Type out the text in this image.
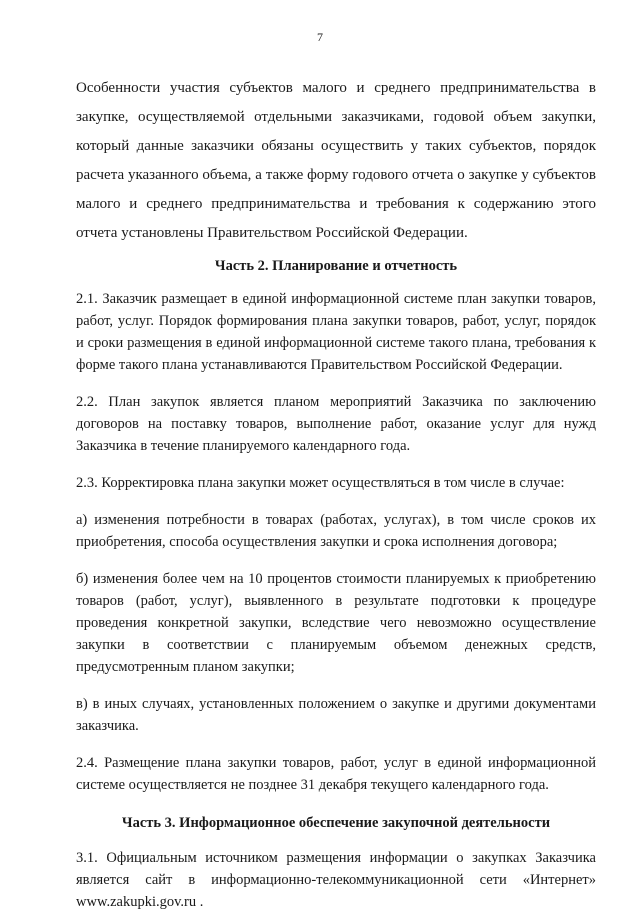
7

Особенности участия субъектов малого и среднего предпринимательства в закупке, осуществляемой отдельными заказчиками, годовой объем закупки, который данные заказчики обязаны осуществить у таких субъектов, порядок расчета указанного объема, а также форму годового отчета о закупке у субъектов малого и среднего предпринимательства и требования к содержанию этого отчета установлены Правительством Российской Федерации.

Часть 2. Планирование и отчетность

2.1. Заказчик размещает в единой информационной системе план закупки товаров, работ, услуг. Порядок формирования плана закупки товаров, работ, услуг, порядок и сроки размещения в единой информационной системе такого плана, требования к форме такого плана устанавливаются Правительством Российской Федерации.

2.2. План закупок является планом мероприятий Заказчика по заключению договоров на поставку товаров, выполнение работ, оказание услуг для нужд Заказчика в течение планируемого календарного года.

2.3. Корректировка плана закупки может осуществляться в том числе в случае:

а) изменения потребности в товарах (работах, услугах), в том числе сроков их приобретения, способа осуществления закупки и срока исполнения договора;

б) изменения более чем на 10 процентов стоимости планируемых к приобретению товаров (работ, услуг), выявленного в результате подготовки к процедуре проведения конкретной закупки, вследствие чего невозможно осуществление закупки в соответствии с планируемым объемом денежных средств, предусмотренным планом закупки;

в) в иных случаях, установленных положением о закупке и другими документами заказчика.

2.4. Размещение плана закупки товаров, работ, услуг в единой информационной системе осуществляется не позднее 31 декабря текущего календарного года.

Часть 3. Информационное обеспечение закупочной деятельности

3.1. Официальным источником размещения информации о закупках Заказчика является сайт в информационно-телекоммуникационной сети «Интернет» www.zakupki.gov.ru .
